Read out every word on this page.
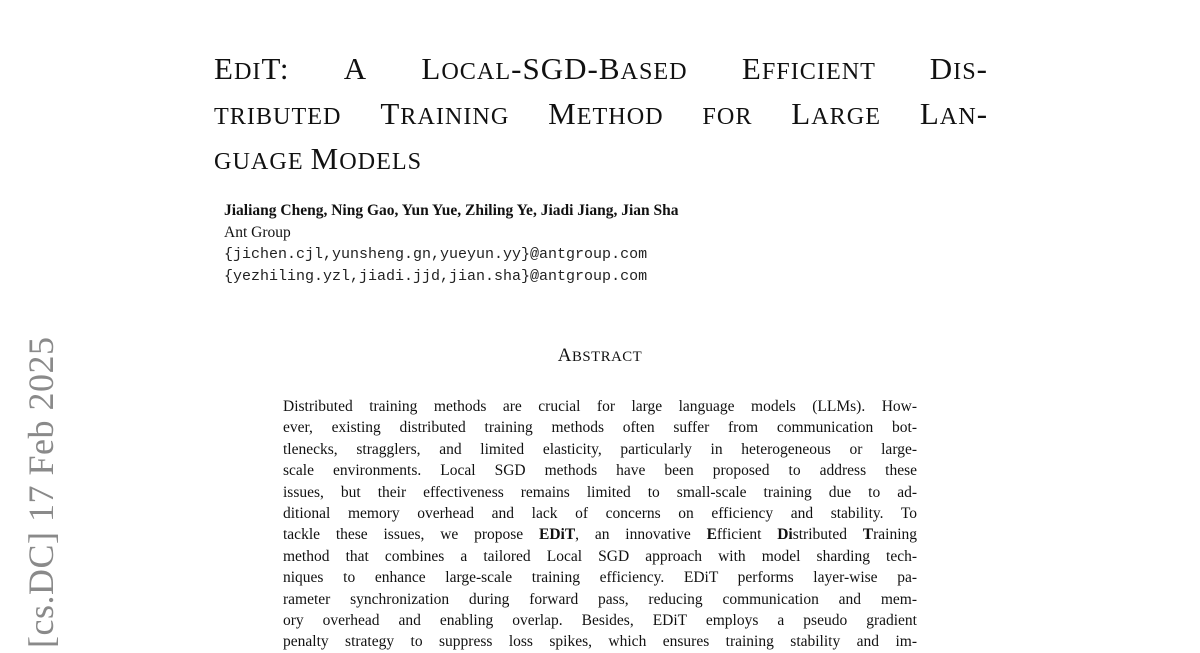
[cs.DC] 17 Feb 2025
EDIT: A LOCAL-SGD-BASED EFFICIENT DIS-
TRIBUTED TRAINING METHOD FOR LARGE LAN-
GUAGE MODELS
Jialiang Cheng, Ning Gao, Yun Yue, Zhiling Ye, Jiadi Jiang, Jian Sha
Ant Group
{jichen.cjl,yunsheng.gn,yueyun.yy}@antgroup.com
{yezhiling.yzl,jiadi.jjd,jian.sha}@antgroup.com
ABSTRACT
Distributed training methods are crucial for large language models (LLMs). How-
ever, existing distributed training methods often suffer from communication bot-
tlenecks, stragglers, and limited elasticity, particularly in heterogeneous or large-
scale environments. Local SGD methods have been proposed to address these
issues, but their effectiveness remains limited to small-scale training due to ad-
ditional memory overhead and lack of concerns on efficiency and stability. To
tackle these issues, we propose EDiT, an innovative Efficient Distributed Training
method that combines a tailored Local SGD approach with model sharding tech-
niques to enhance large-scale training efficiency. EDiT performs layer-wise pa-
rameter synchronization during forward pass, reducing communication and mem-
ory overhead and enabling overlap. Besides, EDiT employs a pseudo gradient
penalty strategy to suppress loss spikes, which ensures training stability and im-
